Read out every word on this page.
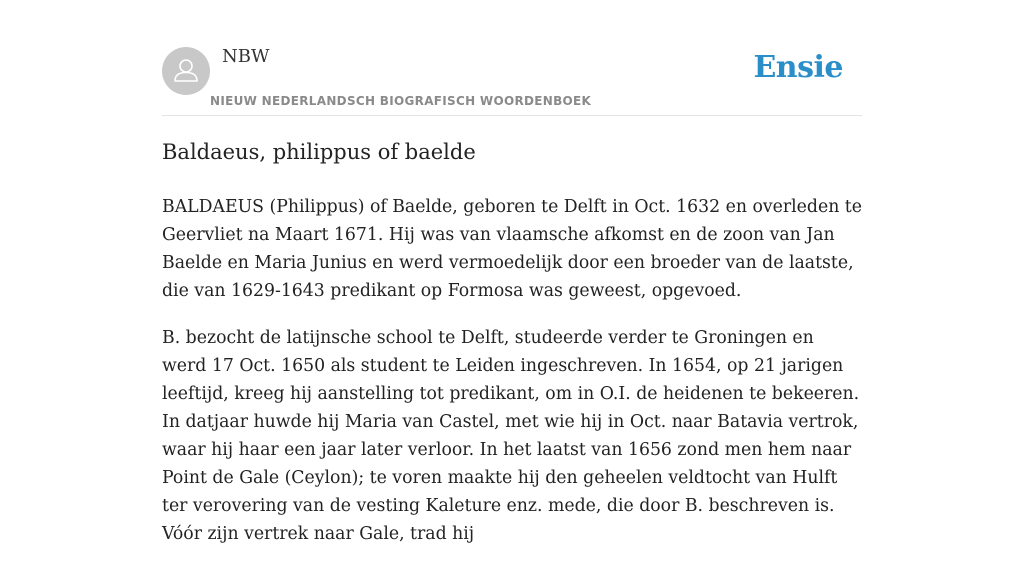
NBW
NIEUW NEDERLANDSCH BIOGRAFISCH WOORDENBOEK
Ensie
Baldaeus, philippus of baelde

BALDAEUS (Philippus) of Baelde, geboren te Delft in Oct. 1632 en overleden te Geervliet na Maart 1671. Hij was van vlaamsche afkomst en de zoon van Jan Baelde en Maria Junius en werd vermoedelijk door een broeder van de laatste, die van 1629-1643 predikant op Formosa was geweest, opgevoed.

B. bezocht de latijnsche school te Delft, studeerde verder te Groningen en werd 17 Oct. 1650 als student te Leiden ingeschreven. In 1654, op 21 jarigen leeftijd, kreeg hij aanstelling tot predikant, om in O.I. de heidenen te bekeeren. In datjaar huwde hij Maria van Castel, met wie hij in Oct. naar Batavia vertrok, waar hij haar een jaar later verloor. In het laatst van 1656 zond men hem naar Point de Gale (Ceylon); te voren maakte hij den geheelen veldtocht van Hulft ter verovering van de vesting Kaleture enz. mede, die door B. beschreven is. Vóór zijn vertrek naar Gale, trad hij
